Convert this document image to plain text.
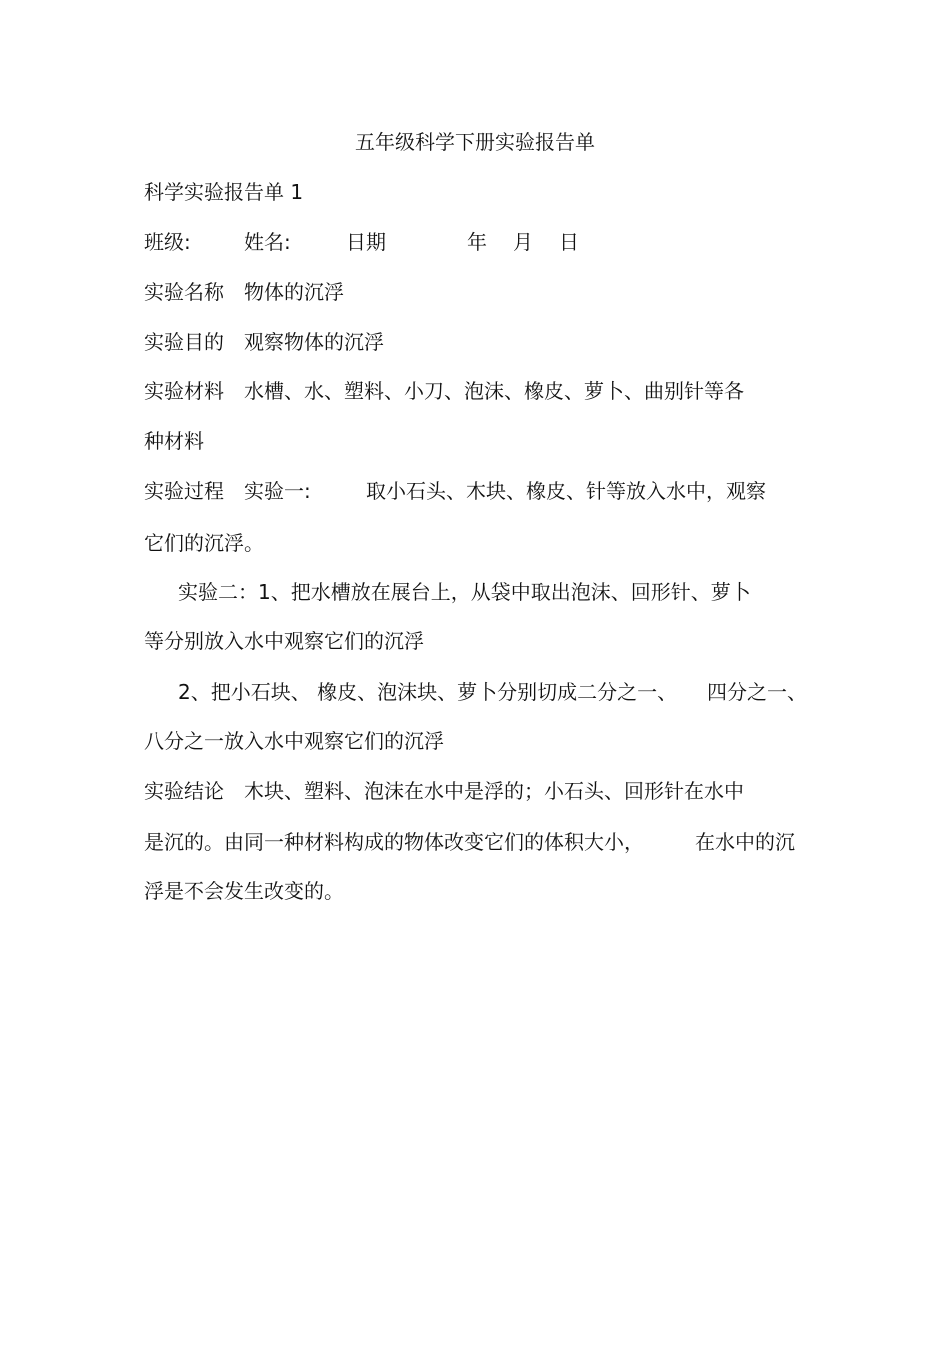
五年级科学下册实验报告单

科学实验报告单 1

班级:	姓名:	日期	年 月 日
实验名称 物体的沉浮
实验目的 观察物体的沉浮
实验材料 水槽、水、塑料、小刀、泡沫、橡皮、萝卜、曲别针等各

种材料

实验过程 实验一:	取小石头、木块、橡皮、针等放入水中，观察

它们的沉浮。

实验二：1、把水槽放在展台上，从袋中取出泡沫、回形针、萝卜

等分别放入水中观察它们的沉浮

2、把小石块、 橡皮、泡沫块、萝卜分别切成二分之一、 四分之一、

八分之一放入水中观察它们的沉浮

实验结论 木块、塑料、泡沫在水中是浮的；小石头、回形针在水中
是沉的。由同一种材料构成的物体改变它们的体积大小，	在水中的沉

浮是不会发生改变的。
